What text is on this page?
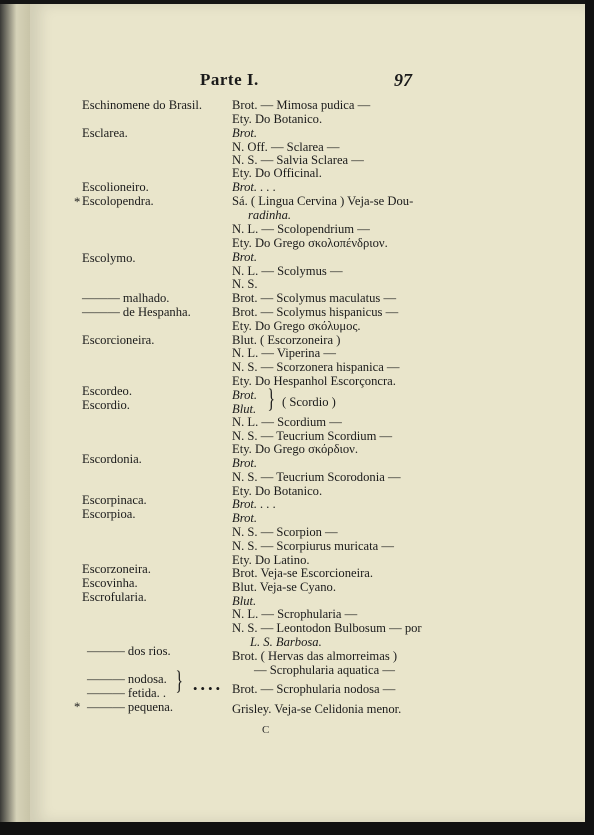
Parte I.	97
Eschinomene do Brasil.
Esclarea.
Escolioneiro.
* Escolopendra.
Escolymo.
——— malhado.
——— de Hespanha.
Escorcioneira.
Escordeo.
Escordio.
Escordonia.
Escorpinaca.
Escorpioa.
Escorzoneira.
Escovinha.
Escrofularia.
——— dos rios.
——— nodosa.
——— fetida. .
* ——— pequena.
} • • • •
Brot. — Mimosa pudica —
Ety. Do Botanico.
Brot.
N. Off. — Sclarea —
N. S. — Salvia Sclarea —
Ety. Do Officinal.
Brot. . . .
Sá. ( Lingua Cervina ) Veja-se Dou-
radinha.
N. L. — Scolopendrium —
Ety. Do Grego σκολοπένδριον.
Brot.
N. L. — Scolymus —
N. S.
Brot. — Scolymus maculatus —
Brot. — Scolymus hispanicus —
Ety. Do Grego σκόλυμος.
Blut. ( Escorzoneira )
N. L. — Viperina —
N. S. — Scorzonera hispanica —
Ety. Do Hespanhol Escorçoncra.
Brot.
Blut. } ( Scordio )
N. L. — Scordium —
N. S. — Teucrium Scordium —
Ety. Do Grego σκόρδιον.
Brot.
N. S. — Teucrium Scorodonia —
Ety. Do Botanico.
Brot. . . .
Brot.
N. S. — Scorpion —
N. S. — Scorpiurus muricata —
Ety. Do Latino.
Brot. Veja-se Escorcioneira.
Blut. Veja-se Cyano.
Blut.
N. L. — Scrophularia —
N. S. — Leontodon Bulbosum — por
L. S. Barbosa.
Brot. ( Hervas das almorreimas )
— Scrophularia aquatica —
Brot. — Scrophularia nodosa —
Grisley. Veja-se Celidonia menor.
C
